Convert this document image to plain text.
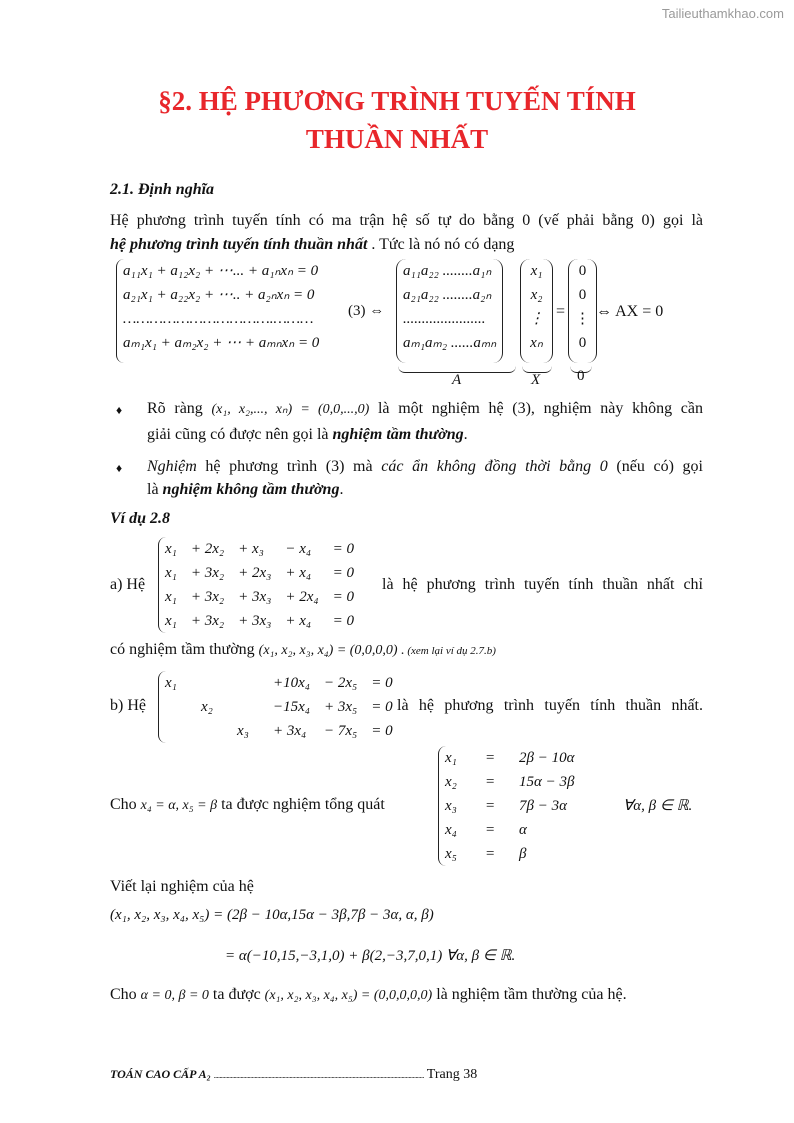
Tailieuthamkhao.com
§2. HỆ PHƯƠNG TRÌNH TUYẾN TÍNH
THUẦN NHẤT
2.1. Định nghĩa
Hệ phương trình tuyến tính có ma trận hệ số tự do bằng 0 (vế phải bằng 0) gọi là
hệ phương trình tuyến tính thuần nhất . Tức là nó nó có dạng
a₁₁x₁ + a₁₂x₂ + ⋯... + a₁ₙxₙ = 0
a₂₁x₁ + a₂₂x₂ + ⋯.. + a₂ₙxₙ = 0
…………………………….………
aₘ₁x₁ + aₘ₂x₂ + ⋯ + aₘₙxₙ = 0
(3) ⇔
a₁₁a₂₂ ........a₁ₙ
a₂₁a₂₂ ........a₂ₙ
......................
aₘ₁aₘ₂ ......aₘₙ
A
x₁
x₂
⋮
xₙ
X
=
0
0
⋮
0
0
⇔ AX = 0
♦ Rõ ràng (x₁, x₂,..., xₙ) = (0,0,...,0) là một nghiệm hệ (3), nghiệm này không cần
giải cũng có được nên gọi là nghiệm tầm thường.
♦ Nghiệm hệ phương trình (3) mà các ẩn không đồng thời bằng 0 (nếu có) gọi
là nghiệm không tầm thường.
Ví dụ 2.8
a) Hệ
x₁ + 2x₂ + x₃	− x₄	= 0
x₁ + 3x₂ + 2x₃ + x₄	= 0
x₁ + 3x₂ + 3x₃ + 2x₄ = 0
x₁ + 3x₂ + 3x₃ + x₄	= 0
là hệ phương trình tuyến tính thuần nhất chỉ
có nghiệm tầm thường (x₁, x₂, x₃, x₄) = (0,0,0,0) . (xem lại ví dụ 2.7.b)
b) Hệ
x₁	+10x₄ − 2x₅ = 0
x₂	−15x₄ + 3x₅ = 0
x₃	+ 3x₄ − 7x₅ = 0
là hệ phương trình tuyến tính thuần nhất.
Cho x₄ = α, x₅ = β ta được nghiệm tổng quát
x₁	=	2β − 10α
x₂	=	15α − 3β
x₃	=	7β − 3α	∀α, β ∈ ℝ.
x₄	=	α
x₅	=	β
Viết lại nghiệm của hệ
(x₁, x₂, x₃, x₄, x₅) = (2β − 10α,15α − 3β,7β − 3α, α, β)
= α(−10,15,−3,1,0) + β(2,−3,7,0,1) ∀α, β ∈ ℝ.
Cho α = 0, β = 0 ta được (x₁, x₂, x₃, x₄, x₅) = (0,0,0,0,0) là nghiệm tầm thường của hệ.
TOÁN CAO CẤP A₂ ...................................................................................................................................................... Trang 38
